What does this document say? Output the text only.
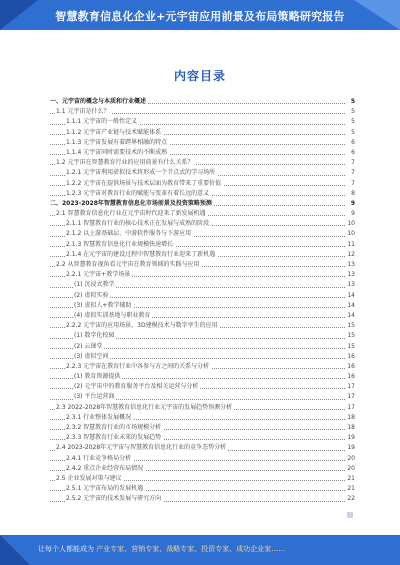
智慧教育信息化企业+元宇宙应用前景及布局策略研究报告
内容目录
一、元宇宙的概念与本质和行业概述	5
1.1 元宇宙是什么？	5
1.1.1 元宇宙的一般性定义	5
1.1.2 元宇宙产业链与技术赋能体系	5
1.1.3 元宇宙发展有着跨界相融的特点	6
1.1.4 元宇宙同时需要技术的不断成熟	6
1.2 元宇宙在智慧教育行业的应用前景有什么关系？	7
1.2.1 元宇宙利用虚拟技术将形成一个节点式的学习场所	7
1.2.2 元宇宙在提供场景与技术层面为教育带来了重要价值	7
1.2.3 元宇宙对教育行业的赋能与变革有着长远的意义	8
二、2023-2028年智慧教育信息化市场前景及投资策略预测	9
2.1 智慧教育信息化行业在元宇宙时代迎来了新发展机遇	9
2.1.1 智慧教育行业的核心技术正在发展与成熟的阶段	10
2.1.2 以上游基础层、中游软件服务与下游应用	10
2.1.3 智慧教育信息化行业规模快速增长	11
2.1.4 在元宇宙的建设过程中智慧教育行业迎来了新机遇	12
2.2 从智慧教育视角看元宇宙在教育领域的实践与应用	13
2.2.1 元宇宙+教学场景	13
(1) 沉浸式教学	13
(2) 虚拟实验	14
(3) 虚拟人+教学辅助	14
(4) 虚拟实训基地与职业教育	14
2.2.2 元宇宙的应用场景，3D建模技术与数字孪生的应用	15
(1) 数字化校园	15
(2) 云课堂	15
(3) 虚拟空间	16
2.2.3 元宇宙在教育行业中各参与方之间的关系与分析	16
(1) 教育资源提供	16
(2) 元宇宙中的教育服务平台及相关运营与分析	17
(3) 平台运营商	17
2.3 2022-2028年智慧教育信息化行业元宇宙的发展趋势预测分析	17
2.3.1 行业整体发展概况	18
2.3.2 智慧教育行业的市场规模分析	18
2.3.3 智慧教育行业未来的发展趋势	19
2.4 2023-2028年元宇宙与智慧教育信息化行业的竞争态势分析	19
2.4.1 行业竞争格局分析	20
2.4.2 重点企业经营布局情况	20
2.5 企业发展对策与建议	21
2.5.1 元宇宙布局的发展机遇	21
2.5.2 元宇宙的技术发展与研究方向	22
让每个人都能成为 产业专家、营销专家、战略专家、投资专家、成功企业家……
